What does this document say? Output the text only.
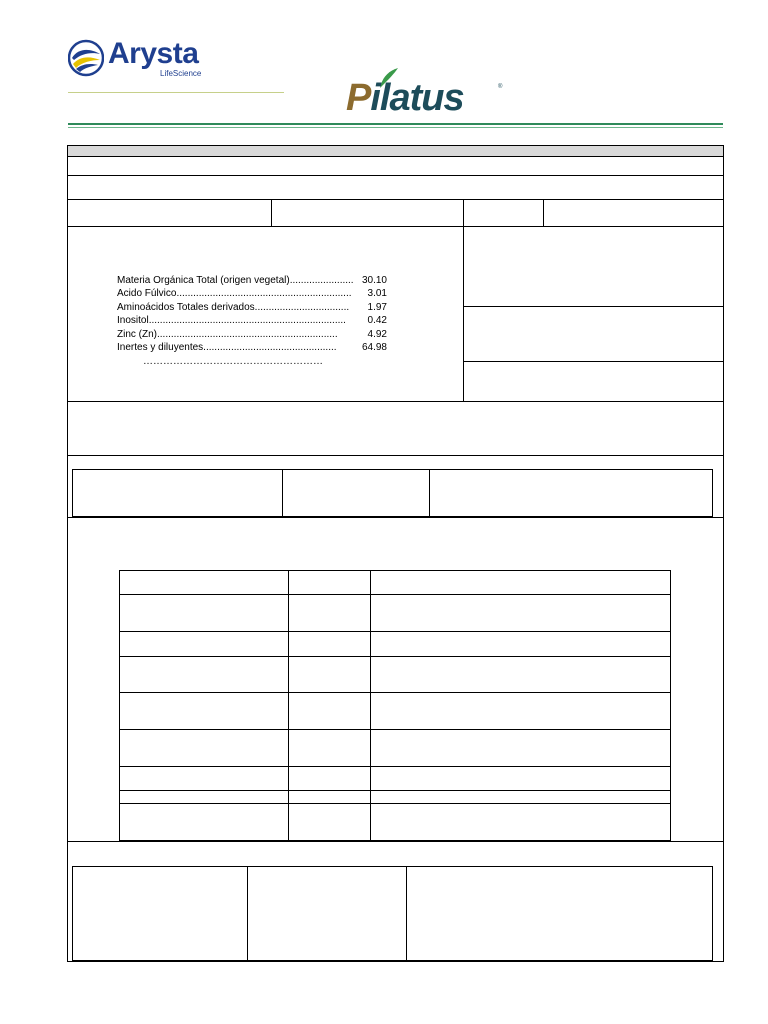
Arysta
LifeScience
Pilatus	®
Materia Orgánica Total (origen vegetal) ....................... 30.10
Acido Fúlvico ...............................................................	3.01
Aminoácidos Totales derivados ..................................	1.97
Inositol .......................................................................	0.42
Zinc (Zn) .................................................................	4.92
Inertes y diluyentes ................................................	64.98
………………………………………………
